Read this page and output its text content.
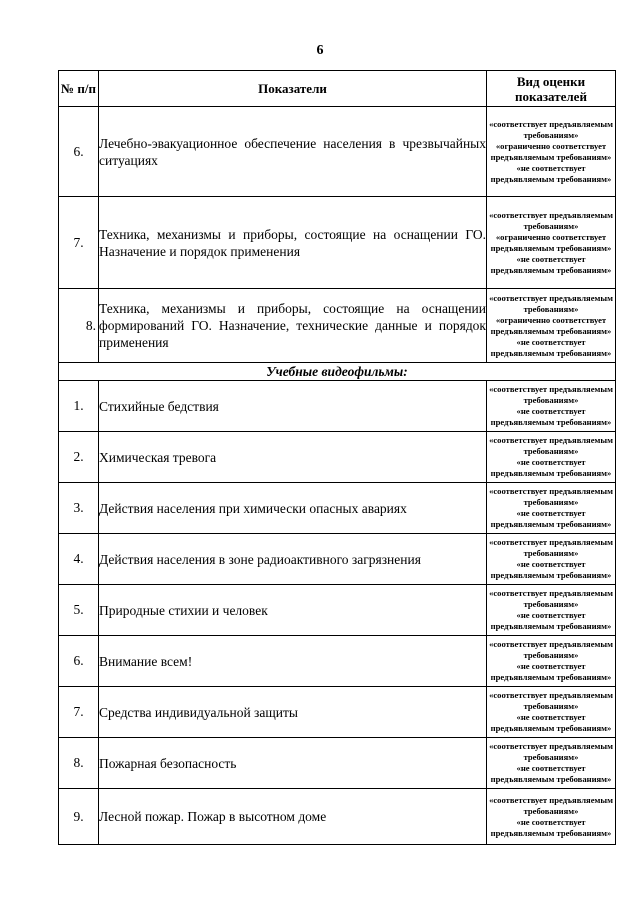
6
№ п/п	Показатели	Вид оценки показателей
6.	Лечебно-эвакуационное обеспечение населения в чрезвычайных ситуациях	«соответствует предъявляемым требованиям»
«ограниченно соответствует предъявляемым требованиям»
«не соответствует предъявляемым требованиям»

7.	Техника, механизмы и приборы, состоящие на оснащении ГО. Назначение и порядок применения	«соответствует предъявляемым требованиям»
«ограниченно соответствует предъявляемым требованиям»
«не соответствует предъявляемым требованиям»

8.	Техника, механизмы и приборы, состоящие на оснащении формирований ГО. Назначение, технические данные и порядок применения	«соответствует предъявляемым требованиям»
«ограниченно соответствует предъявляемым требованиям»
«не соответствует предъявляемым требованиям»

Учебные видеофильмы:		
1.	Стихийные бедствия	«соответствует предъявляемым требованиям»
«не соответствует предъявляемым требованиям»

2.	Химическая тревога	«соответствует предъявляемым требованиям»
«не соответствует предъявляемым требованиям»

3.	Действия населения при химически опасных авариях	«соответствует предъявляемым требованиям»
«не соответствует предъявляемым требованиям»

4.	Действия населения в зоне радиоактивного загрязнения	«соответствует предъявляемым требованиям»
«не соответствует предъявляемым требованиям»

5.	Природные стихии и человек	«соответствует предъявляемым требованиям»
«не соответствует предъявляемым требованиям»

6.	Внимание всем!	«соответствует предъявляемым требованиям»
«не соответствует предъявляемым требованиям»

7.	Средства индивидуальной защиты	«соответствует предъявляемым требованиям»
«не соответствует предъявляемым требованиям»

8.	Пожарная безопасность	«соответствует предъявляемым требованиям»
«не соответствует предъявляемым требованиям»

9.	Лесной пожар. Пожар в высотном доме	«соответствует предъявляемым требованиям»
«не соответствует предъявляемым требованиям»
